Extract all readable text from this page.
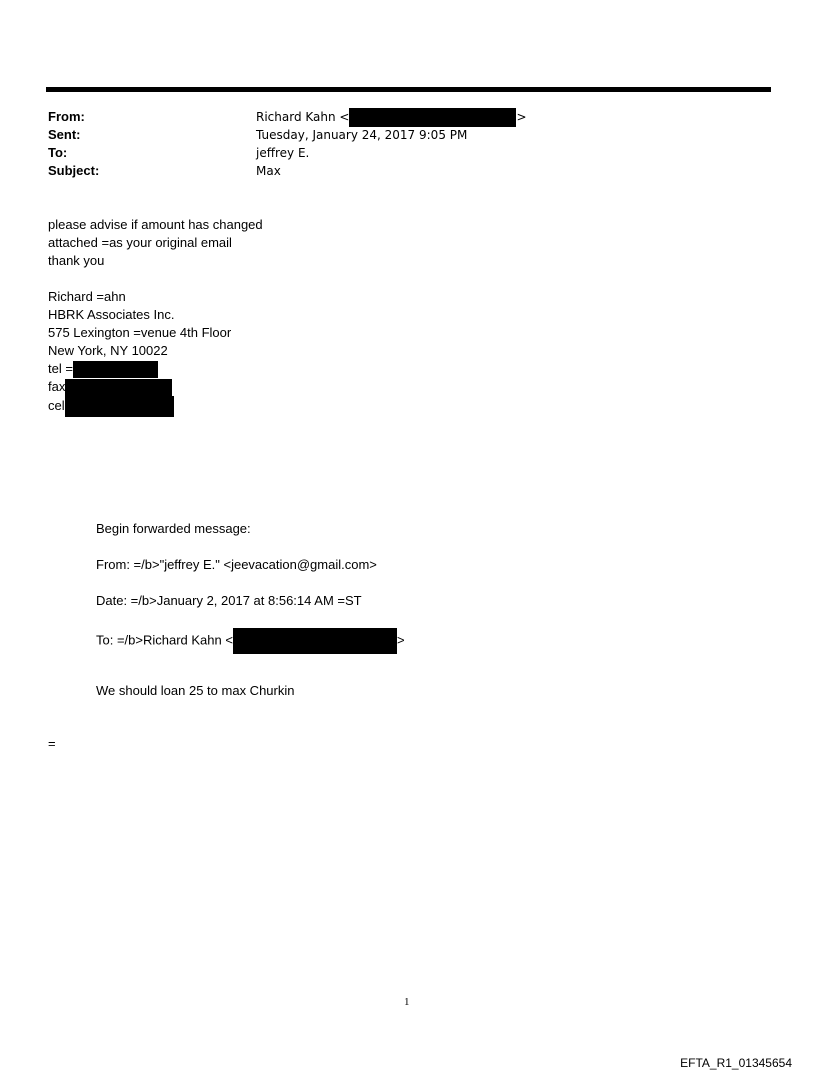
From:	Richard Kahn <	>
Sent:	Tuesday, January 24, 2017 9:05 PM
To:	jeffrey E.
Subject:	Max
please advise if amount has changed
attached =as your original email
thank you
Richard =ahn
HBRK Associates Inc.
575 Lexington =venue 4th Floor
New York, NY 10022
tel =
fax
cel
Begin forwarded message:
From: =/b>"jeffrey E." <jeevacation@gmail.com>
Date: =/b>January 2, 2017 at 8:56:14 AM =ST
To: =/b>Richard Kahn <	>
We should loan 25 to max Churkin
=
1
EFTA_R1_01345654
